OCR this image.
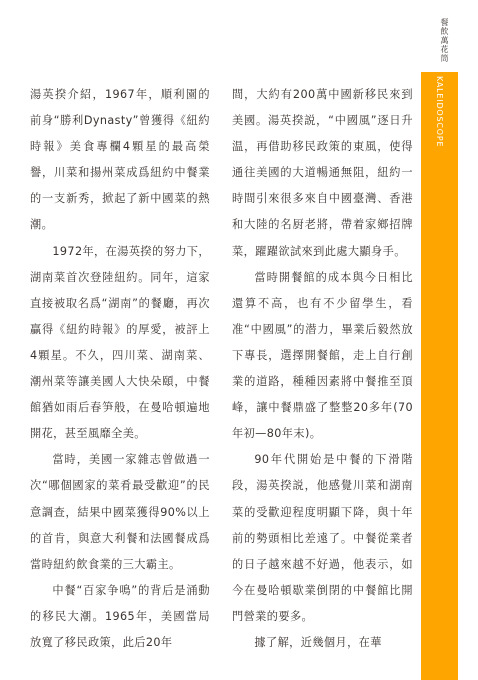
餐飲萬花筒
KALEIDOSCOPE

湯英揆介紹，1967年，順利園的前身“勝利Dynasty”曾獲得《紐約時報》美食專欄4顆星的最高榮譽，川菜和揚州菜成爲紐約中餐業的一支新秀，掀起了新中國菜的熱潮。

1972年，在湯英揆的努力下，湖南菜首次登陸紐約。同年，這家直接被取名爲“湖南”的餐廳，再次贏得《紐約時報》的厚愛，被評上4顆星。不久，四川菜、湖南菜、潮州菜等讓美國人大快朵頤，中餐館猶如雨后春笋般，在曼哈頓遍地開花，甚至風靡全美。

當時，美國一家雜志曾做過一次“哪個國家的菜肴最受歡迎”的民意調查，結果中國菜獲得90%以上的首肯，與意大利餐和法國餐成爲當時紐約飲食業的三大霸主。

中餐“百家争鳴”的背后是涌動的移民大潮。1965年，美國當局放寬了移民政策，此后20年

間，大約有200萬中國新移民來到美國。湯英揆説，“中國風”逐日升温，再借助移民政策的東風，使得通往美國的大道暢通無阻，紐約一時間引來很多來自中國臺灣、香港和大陸的名厨老將，帶着家鄉招牌菜，躍躍欲試來到此處大顯身手。

當時開餐館的成本與今日相比還算不高，也有不少留學生，看准“中國風”的潜力，畢業后毅然放下專長，選擇開餐館，走上自行創業的道路，種種因素將中餐推至頂峰，讓中餐鼎盛了整整20多年(70年初—80年末)。

90年代開始是中餐的下滑階段，湯英揆説，他感覺川菜和湖南菜的受歡迎程度明顯下降，與十年前的勢頭相比差遠了。中餐從業者的日子越來越不好過，他表示，如今在曼哈頓歇業倒閉的中餐館比開門營業的要多。

據了解，近幾個月，在華
